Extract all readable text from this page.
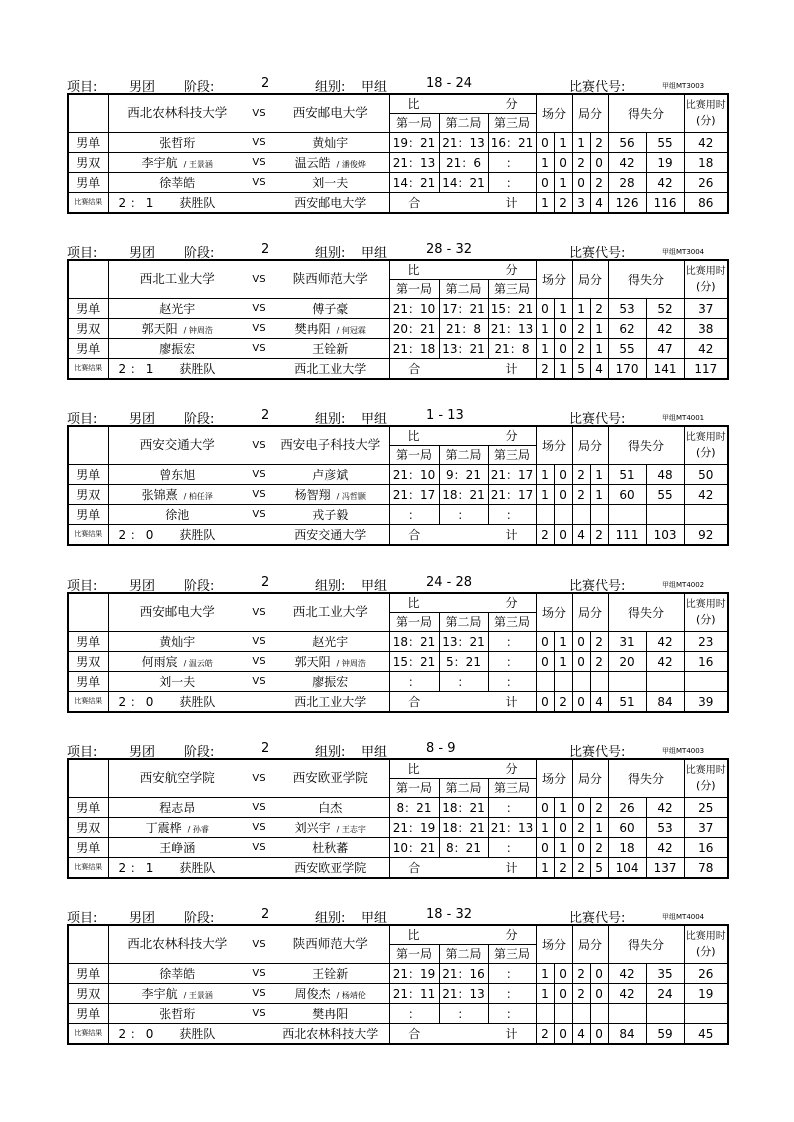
项目: 男团 阶段:	2	组别: 甲组	18 - 24	比赛代号:	甲组MT3003
	西北农林科技大学	VS	西安邮电大学	比		分	场分		局分		得失分		比赛用时
(分)

				第一局	第二局	第三局							
男单	张哲珩	VS	黄灿宇	19：21	21：13	16：21	0	1	1	2	56	55	42
男双	李宇航 / 王景涵	VS	温云皓 / 潘俊烨	21：13	21：6	：	1	0	2	0	42	19	18
男单	徐莘皓	VS	刘一夫	14：21	14：21	：	0	1	0	2	28	42	26
比赛结果	2 ： 1 获胜队		西安邮电大学	合		计	1	2	3	4	126	116	86
项目: 男团 阶段:	2	组别: 甲组	28 - 32	比赛代号:	甲组MT3004
	西北工业大学	VS	陕西师范大学	比		分	场分		局分		得失分		比赛用时
(分)

				第一局	第二局	第三局							
男单	赵光宇	VS	傅子豪	21：10	17：21	15：21	0	1	1	2	53	52	37
男双	郭天阳 / 钟周浩	VS	樊冉阳 / 何冠霖	20：21	21：8	21：13	1	0	2	1	62	42	38
男单	廖振宏	VS	王铨新	21：18	13：21	21：8	1	0	2	1	55	47	42
比赛结果	2 ： 1 获胜队		西北工业大学	合		计	2	1	5	4	170	141	117
项目: 男团 阶段:	2	组别: 甲组	1 - 13	比赛代号:	甲组MT4001
	西安交通大学	VS	西安电子科技大学	比		分	场分		局分		得失分		比赛用时
(分)

				第一局	第二局	第三局							
男单	曾东旭	VS	卢彦斌	21：10	9：21	21：17	1	0	2	1	51	48	50
男双	张锦熹 / 柏任泽	VS	杨智翔 / 冯哲颢	21：17	18：21	21：17	1	0	2	1	60	55	42
男单	徐池	VS	戎子毅	：	：	：							
比赛结果	2 ： 0 获胜队		西安交通大学	合		计	2	0	4	2	111	103	92
项目: 男团 阶段:	2	组别: 甲组	24 - 28	比赛代号:	甲组MT4002
	西安邮电大学	VS	西北工业大学	比		分	场分		局分		得失分		比赛用时
(分)

				第一局	第二局	第三局							
男单	黄灿宇	VS	赵光宇	18：21	13：21	：	0	1	0	2	31	42	23
男双	何雨宸 / 温云皓	VS	郭天阳 / 钟周浩	15：21	5：21	：	0	1	0	2	20	42	16
男单	刘一夫	VS	廖振宏	：	：	：							
比赛结果	2 ： 0 获胜队		西北工业大学	合		计	0	2	0	4	51	84	39
项目: 男团 阶段:	2	组别: 甲组	8 - 9	比赛代号:	甲组MT4003
	西安航空学院	VS	西安欧亚学院	比		分	场分		局分		得失分		比赛用时
(分)

				第一局	第二局	第三局							
男单	程志昂	VS	白杰	8：21	18：21	：	0	1	0	2	26	42	25
男双	丁震桦 / 孙睿	VS	刘兴宇 / 王志宇	21：19	18：21	21：13	1	0	2	1	60	53	37
男单	王峥涵	VS	杜秋蕃	10：21	8：21	：	0	1	0	2	18	42	16
比赛结果	2 ： 1 获胜队		西安欧亚学院	合		计	1	2	2	5	104	137	78
项目: 男团 阶段:	2	组别: 甲组	18 - 32	比赛代号:	甲组MT4004
	西北农林科技大学	VS	陕西师范大学	比		分	场分		局分		得失分		比赛用时
(分)

				第一局	第二局	第三局							
男单	徐莘皓	VS	王铨新	21：19	21：16	：	1	0	2	0	42	35	26
男双	李宇航 / 王景涵	VS	周俊杰 / 杨靖伦	21：11	21：13	：	1	0	2	0	42	24	19
男单	张哲珩	VS	樊冉阳	：	：	：							
比赛结果	2 ： 0 获胜队		西北农林科技大学	合		计	2	0	4	0	84	59	45
